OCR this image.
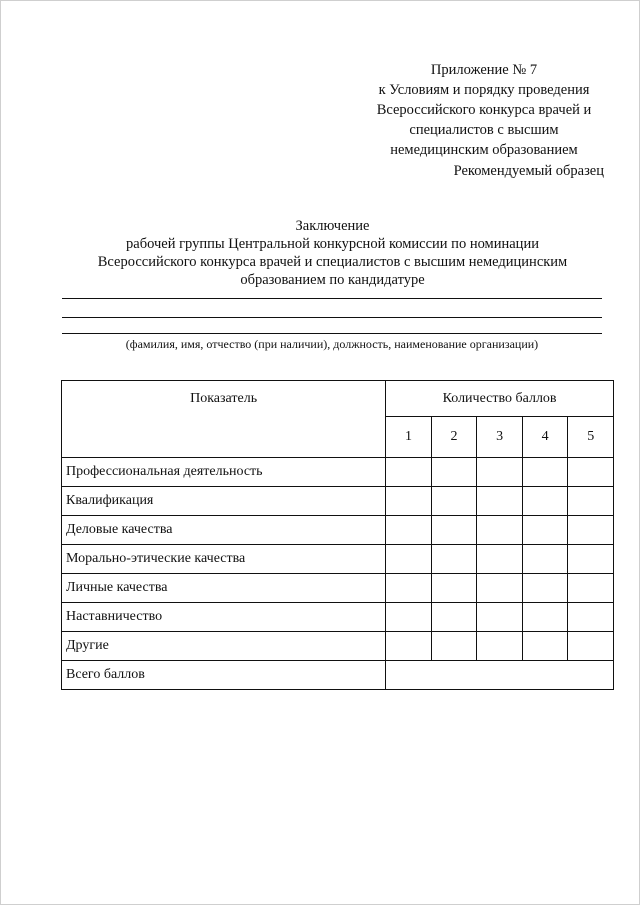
Приложение № 7
к Условиям и порядку проведения
Всероссийского конкурса врачей и
специалистов с высшим
немедицинским образованием
Рекомендуемый образец
Заключение
рабочей группы Центральной конкурсной комиссии по номинации
Всероссийского конкурса врачей и специалистов с высшим немедицинским
образованием по кандидатуре
(фамилия, имя, отчество (при наличии), должность, наименование организации)
Показатель	Количество баллов				
	1	2	3	4	5
Профессиональная деятельность					
Квалификация					
Деловые качества					
Морально-этические качества					
Личные качества					
Наставничество					
Другие					
Всего баллов					
